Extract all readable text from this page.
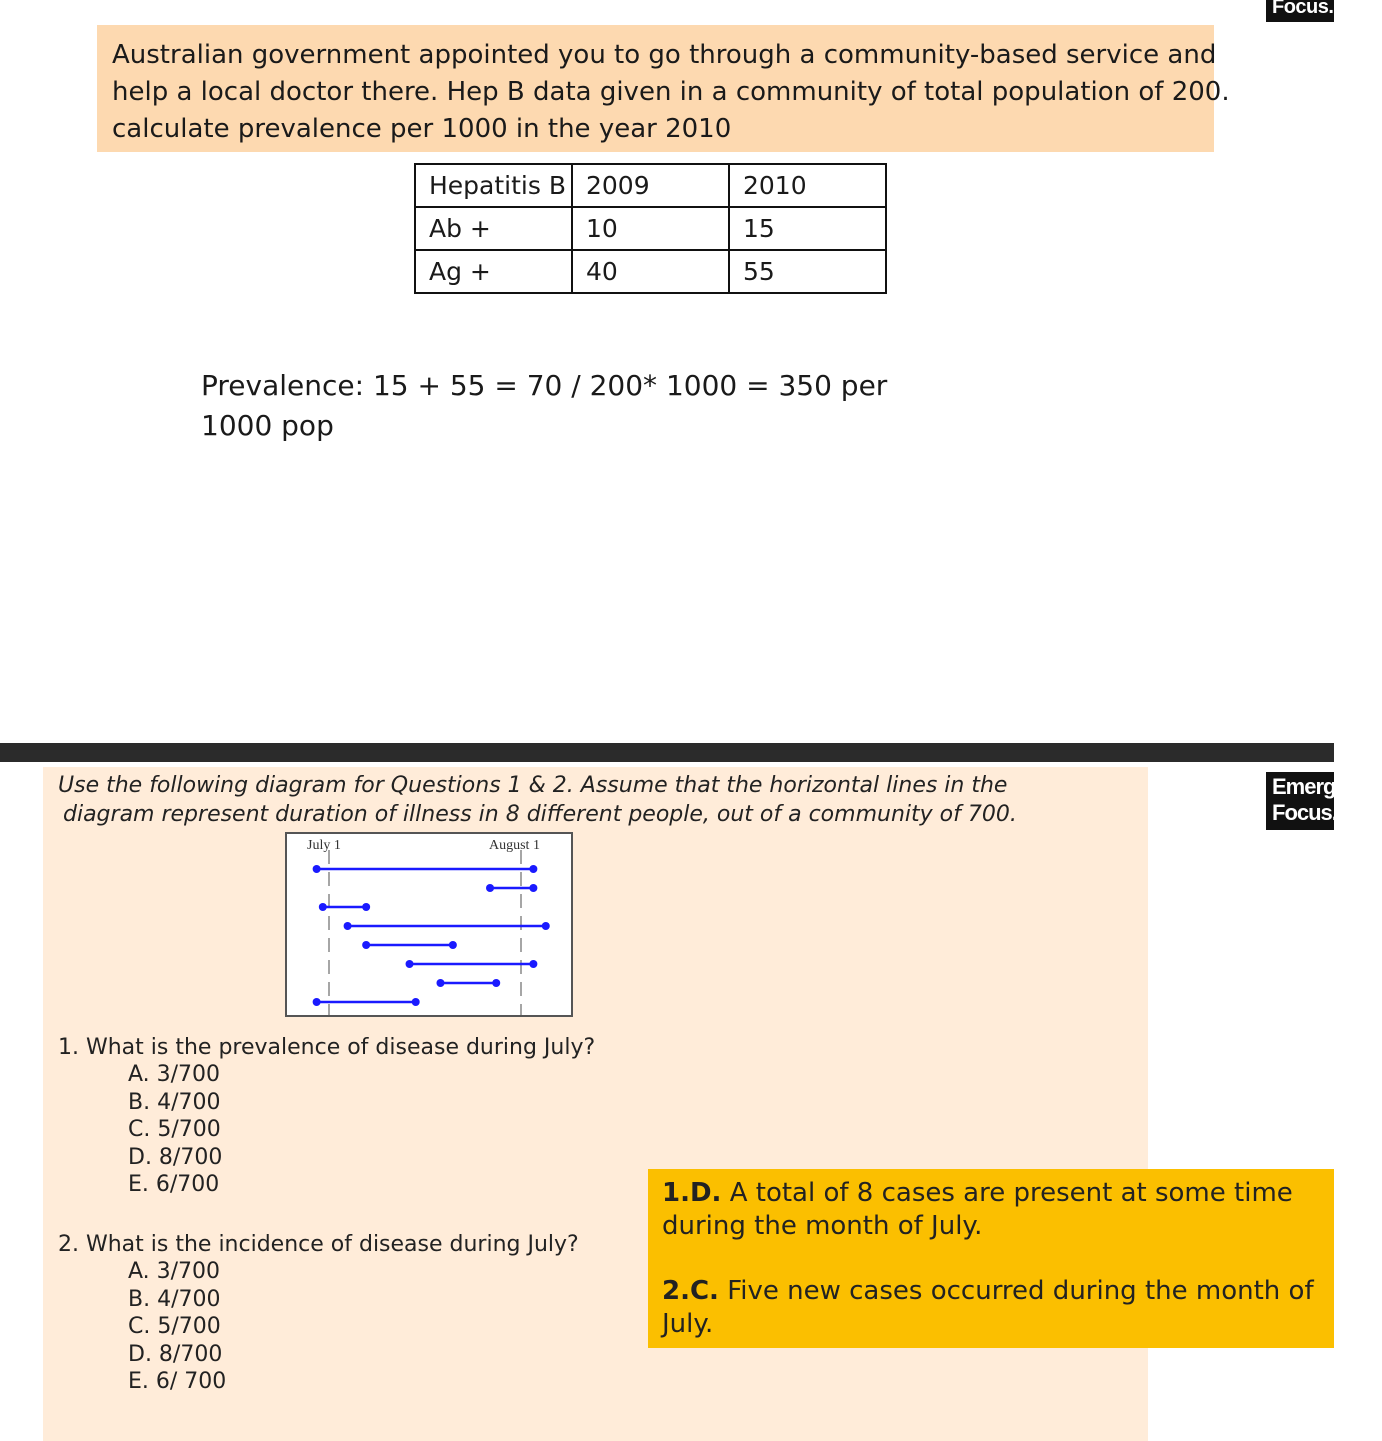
Focus.
Australian government appointed you to go through a community-based service and
help a local doctor there. Hep B data given in a community of total population of 200.
calculate prevalence per 1000 in the year 2010
Hepatitis B	2009	2010
Ab +	10	15
Ag +	40	55
Prevalence: 15 + 55 = 70 / 200* 1000 = 350 per
1000 pop
Use the following diagram for Questions 1 & 2. Assume that the horizontal lines in the
diagram represent duration of illness in 8 different people, out of a community of 700.
Emergency
Focus.
July 1	August 1
1. What is the prevalence of disease during July?
A. 3/700
B. 4/700
C. 5/700
D. 8/700
E. 6/700
2. What is the incidence of disease during July?
A. 3/700
B. 4/700
C. 5/700
D. 8/700
E. 6/ 700
1.D. A total of 8 cases are present at some time during the month of July.
2.C. Five new cases occurred during the month of July.
